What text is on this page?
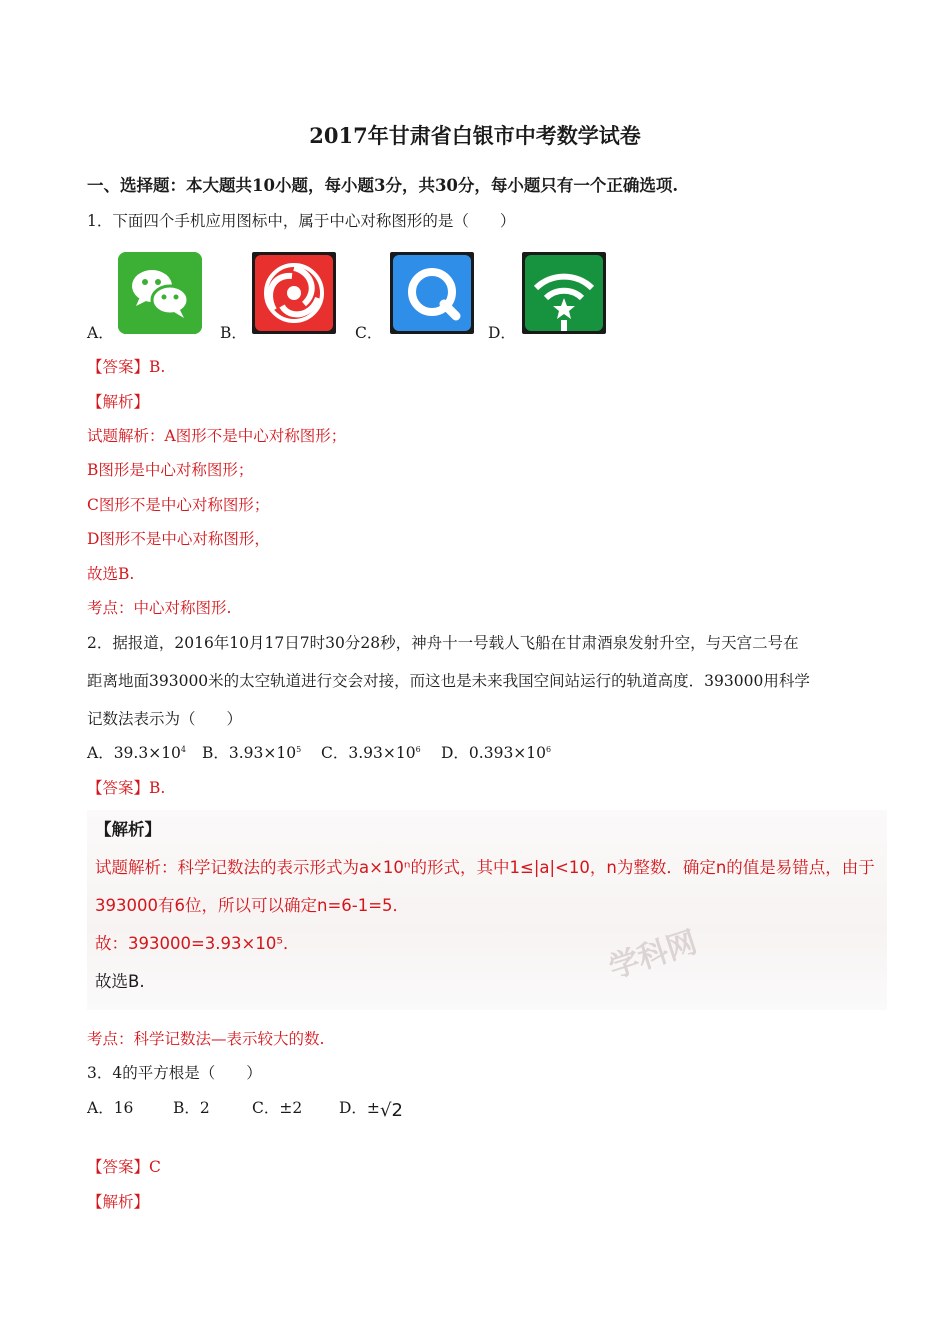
2017年甘肃省白银市中考数学试卷
一、选择题：本大题共10小题，每小题3分，共30分，每小题只有一个正确选项.
1．下面四个手机应用图标中，属于中心对称图形的是（　　）
A．	B．	C．	D．
【答案】B.
【解析】
试题解析：A图形不是中心对称图形；
B图形是中心对称图形；
C图形不是中心对称图形；
D图形不是中心对称图形，
故选B.
考点：中心对称图形.
2．据报道，2016年10月17日7时30分28秒，神舟十一号载人飞船在甘肃酒泉发射升空，与天宫二号在
距离地面393000米的太空轨道进行交会对接，而这也是未来我国空间站运行的轨道高度．393000用科学
记数法表示为（　　）
A．$39.3\times 10^4$ B．$3.93\times 10^5$ C．$3.93\times 10^6$ D．$0.393\times 10^6$
【答案】B.
学科网
【解析】
试题解析：科学记数法的表示形式为a×10ⁿ的形式，其中1≤|a|<10，n为整数．确定n的值是易错点，由于
393000有6位，所以可以确定n=6-1=5．
故：393000=3.93×10⁵．
故选B.
考点：科学记数法—表示较大的数.
3．4的平方根是（　　）
A．16	B．2	C．±2 D．± √2
【答案】C
【解析】
